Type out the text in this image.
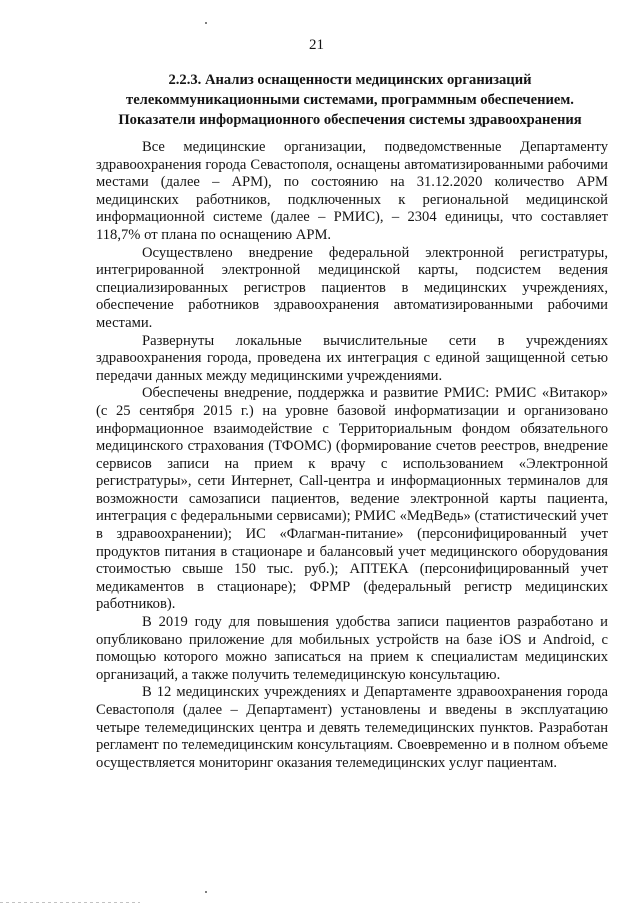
21
2.2.3. Анализ оснащенности медицинских организаций
телекоммуникационными системами, программным обеспечением.
Показатели информационного обеспечения системы здравоохранения

Все медицинские организации, подведомственные Департаменту здравоохранения города Севастополя, оснащены автоматизированными рабочими местами (далее – АРМ), по состоянию на 31.12.2020 количество АРМ медицинских работников, подключенных к региональной медицинской информационной системе (далее – РМИС), – 2304 единицы, что составляет 118,7% от плана по оснащению АРМ.

Осуществлено внедрение федеральной электронной регистратуры, интегрированной электронной медицинской карты, подсистем ведения специализированных регистров пациентов в медицинских учреждениях, обеспечение работников здравоохранения автоматизированными рабочими местами.

Развернуты локальные вычислительные сети в учреждениях здравоохранения города, проведена их интеграция с единой защищенной сетью передачи данных между медицинскими учреждениями.

Обеспечены внедрение, поддержка и развитие РМИС: РМИС «Витакор» (с 25 сентября 2015 г.) на уровне базовой информатизации и организовано информационное взаимодействие с Территориальным фондом обязательного медицинского страхования (ТФОМС) (формирование счетов реестров, внедрение сервисов записи на прием к врачу с использованием «Электронной регистратуры», сети Интернет, Call-центра и информационных терминалов для возможности самозаписи пациентов, ведение электронной карты пациента, интеграция с федеральными сервисами); РМИС «МедВедь» (статистический учет в здравоохранении); ИС «Флагман-питание» (персонифицированный учет продуктов питания в стационаре и балансовый учет медицинского оборудования стоимостью свыше 150 тыс. руб.); АПТЕКА (персонифицированный учет медикаментов в стационаре); ФРМР (федеральный регистр медицинских работников).

В 2019 году для повышения удобства записи пациентов разработано и опубликовано приложение для мобильных устройств на базе iOS и Android, с помощью которого можно записаться на прием к специалистам медицинских организаций, а также получить телемедицинскую консультацию.

В 12 медицинских учреждениях и Департаменте здравоохранения города Севастополя (далее – Департамент) установлены и введены в эксплуатацию четыре телемедицинских центра и девять телемедицинских пунктов. Разработан регламент по телемедицинским консультациям. Своевременно и в полном объеме осуществляется мониторинг оказания телемедицинских услуг пациентам.
